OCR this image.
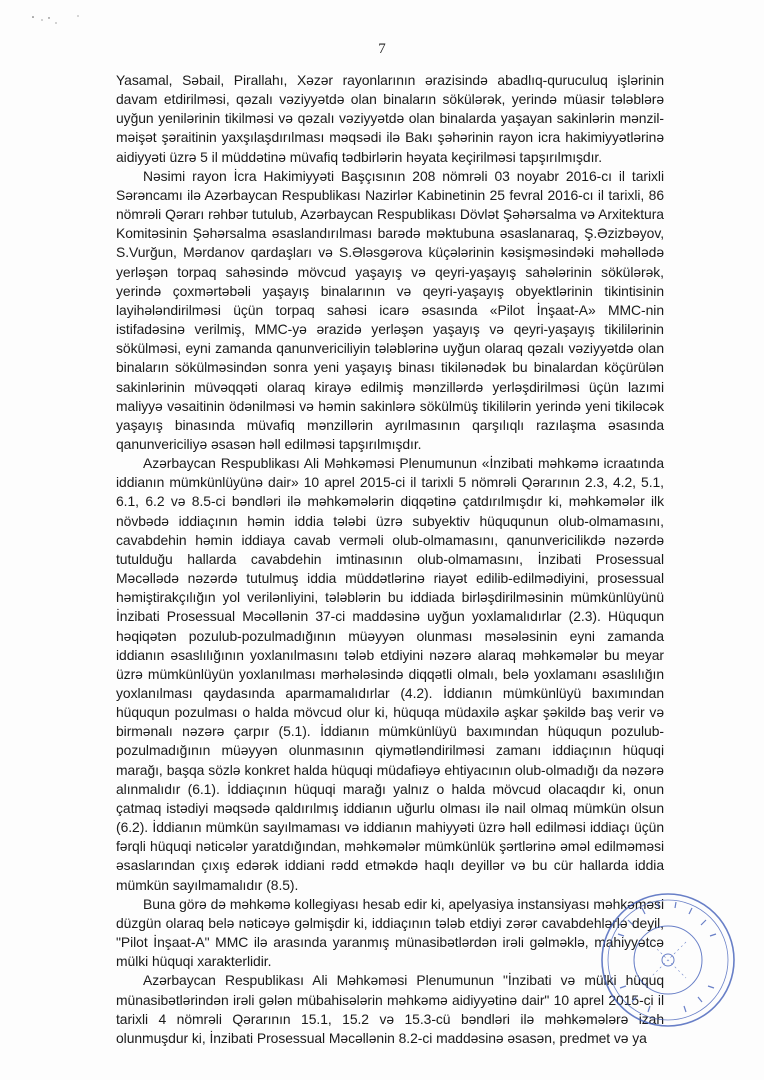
7

Yasamal, Səbail, Pirallahı, Xəzər rayonlarının ərazisində abadlıq-quruculuq işlərinin davam etdirilməsi, qəzalı vəziyyətdə olan binaların sökülərək, yerində müasir tələblərə uyğun yenilərinin tikilməsi və qəzalı vəziyyətdə olan binalarda yaşayan sakinlərin mənzil-məişət şəraitinin yaxşılaşdırılması məqsədi ilə Bakı şəhərinin rayon icra hakimiyyətlərinə aidiyyəti üzrə 5 il müddətinə müvafiq tədbirlərin həyata keçirilməsi tapşırılmışdır.

Nəsimi rayon İcra Hakimiyyəti Başçısının 208 nömrəli 03 noyabr 2016-cı il tarixli Sərəncamı ilə Azərbaycan Respublikası Nazirlər Kabinetinin 25 fevral 2016-cı il tarixli, 86 nömrəli Qərarı rəhbər tutulub, Azərbaycan Respublikası Dövlət Şəhərsalma və Arxitektura Komitəsinin Şəhərsalma əsaslandırılması barədə məktubuna əsaslanaraq, Ş.Əzizbəyov, S.Vurğun, Mərdanov qardaşları və S.Ələsgərova küçələrinin kəsişməsindəki məhəllədə yerləşən torpaq sahəsində mövcud yaşayış və qeyri-yaşayış sahələrinin sökülərək, yerində çoxmərtəbəli yaşayış binalarının və qeyri-yaşayış obyektlərinin tikintisinin layihələndirilməsi üçün torpaq sahəsi icarə əsasında «Pilot İnşaat-A» MMC-nin istifadəsinə verilmiş, MMC-yə ərazidə yerləşən yaşayış və qeyri-yaşayış tikililərinin sökülməsi, eyni zamanda qanunvericiliyin tələblərinə uyğun olaraq qəzalı vəziyyətdə olan binaların sökülməsindən sonra yeni yaşayış binası tikilənədək bu binalardan köçürülən sakinlərinin müvəqqəti olaraq kirayə edilmiş mənzillərdə yerləşdirilməsi üçün lazımi maliyyə vəsaitinin ödənilməsi və həmin sakinlərə sökülmüş tikililərin yerində yeni tikiləcək yaşayış binasında müvafiq mənzillərin ayrılmasının qarşılıqlı razılaşma əsasında qanunvericiliyə əsasən həll edilməsi tapşırılmışdır.

Azərbaycan Respublikası Ali Məhkəməsi Plenumunun «İnzibati məhkəmə icraatında iddianın mümkünlüyünə dair» 10 aprel 2015-ci il tarixli 5 nömrəli Qərarının 2.3, 4.2, 5.1, 6.1, 6.2 və 8.5-ci bəndləri ilə məhkəmələrin diqqətinə çatdırılmışdır ki, məhkəmələr ilk növbədə iddiaçının həmin iddia tələbi üzrə subyektiv hüququnun olub-olmamasını, cavabdehin həmin iddiaya cavab verməli olub-olmamasını, qanunvericilikdə nəzərdə tutulduğu hallarda cavabdehin imtinasının olub-olmamasını, İnzibati Prosessual Məcəllədə nəzərdə tutulmuş iddia müddətlərinə riayət edilib-edilmədiyini, prosessual həmiştirakçılığın yol verilənliyini, tələblərin bu iddiada birləşdirilməsinin mümkünlüyünü İnzibati Prosessual Məcəllənin 37-ci maddəsinə uyğun yoxlamalıdırlar (2.3). Hüququn həqiqətən pozulub-pozulmadığının müəyyən olunması məsələsinin eyni zamanda iddianın əsaslılığının yoxlanılmasını tələb etdiyini nəzərə alaraq məhkəmələr bu meyar üzrə mümkünlüyün yoxlanılması mərhələsində diqqətli olmalı, belə yoxlamanı əsaslılığın yoxlanılması qaydasında aparmamalıdırlar (4.2). İddianın mümkünlüyü baxımından hüququn pozulması o halda mövcud olur ki, hüquqa müdaxilə aşkar şəkildə baş verir və birmənalı nəzərə çarpır (5.1). İddianın mümkünlüyü baxımından hüququn pozulub-pozulmadığının müəyyən olunmasının qiymətləndirilməsi zamanı iddiaçının hüquqi marağı, başqa sözlə konkret halda hüquqi müdafiəyə ehtiyacının olub-olmadığı da nəzərə alınmalıdır (6.1). İddiaçının hüquqi marağı yalnız o halda mövcud olacaqdır ki, onun çatmaq istədiyi məqsədə qaldırılmış iddianın uğurlu olması ilə nail olmaq mümkün olsun (6.2). İddianın mümkün sayılmaması və iddianın mahiyyəti üzrə həll edilməsi iddiaçı üçün fərqli hüquqi nəticələr yaratdığından, məhkəmələr mümkünlük şərtlərinə əməl edilməməsi əsaslarından çıxış edərək iddiani rədd etməkdə haqlı deyillər və bu cür hallarda iddia mümkün sayılmamalıdır (8.5).

Buna görə də məhkəmə kollegiyası hesab edir ki, apelyasiya instansiyası məhkəməsi düzgün olaraq belə nəticəyə gəlmişdir ki, iddiaçının tələb etdiyi zərər cavabdehlərlə deyil, "Pilot İnşaat-A" MMC ilə arasında yaranmış münasibətlərdən irəli gəlməklə, mahiyyətcə mülki hüquqi xarakterlidir.

Azərbaycan Respublikası Ali Məhkəməsi Plenumunun "İnzibati və mülki hüquq münasibətlərindən irəli gələn mübahisələrin məhkəmə aidiyyətinə dair" 10 aprel 2015-ci il tarixli 4 nömrəli Qərarının 15.1, 15.2 və 15.3-cü bəndləri ilə məhkəmələrə izah olunmuşdur ki, İnzibati Prosessual Məcəllənin 8.2-ci maddəsinə əsasən, predmet və ya
